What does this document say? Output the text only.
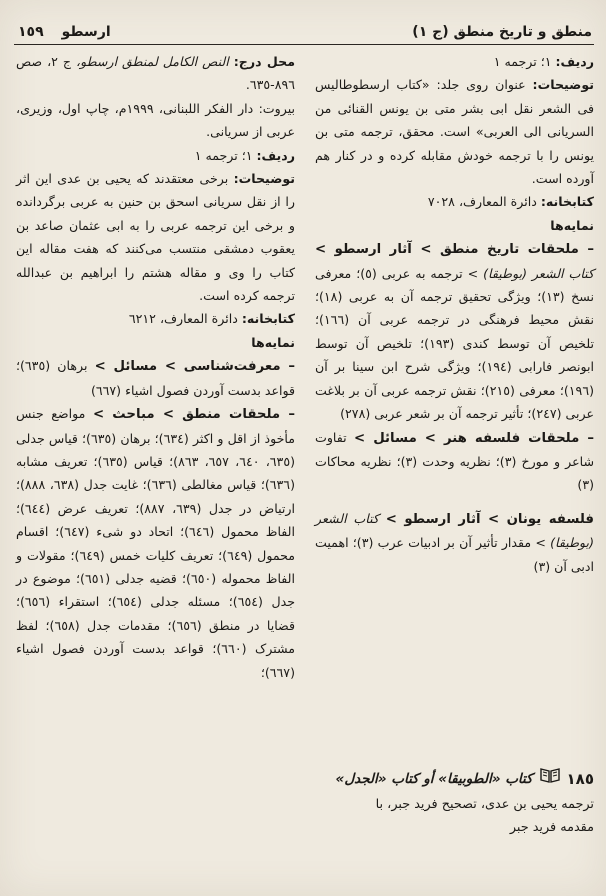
منطق و تاريخ منطق (ج ١)
ارسطو
١٥٩

ردیف: ١؛ ترجمه ١

توضیحات: عنوان روی جلد: «کتاب ارسطوطالیس فی الشعر نقل ابی بشر متی بن یونس القنائی من السریانی الی العربی» است. محقق، ترجمه متی بن یونس را با ترجمه خودش مقابله کرده و در کنار هم آورده است.

کتابخانه: دائرة المعارف، ٧٠٢٨

نمایه‌ها

– ملحقات تاریخ منطق > آثار ارسطو > کتاب الشعر (بوطیقا) > ترجمه به عربی (٥)؛ معرفی نسخ (١٣)؛ ویژگی تحقیق ترجمه آن به عربی (١٨)؛ نقش محیط فرهنگی در ترجمه عربی آن (١٦٦)؛ تلخیص آن توسط کندی (١٩٣)؛ تلخیص آن توسط ابونصر فارابی (١٩٤)؛ ویژگی شرح ابن سینا بر آن (١٩٦)؛ معرفی (٢١٥)؛ نقش ترجمه عربی آن بر بلاغت عربی (٢٤٧)؛ تأثیر ترجمه آن بر شعر عربی (٢٧٨)

– ملحقات فلسفه هنر > مسائل > تفاوت شاعر و مورخ (٣)؛ نظریه وحدت (٣)؛ نظریه محاکات (٣)

فلسفه یونان > آثار ارسطو > کتاب الشعر (بوطیقا) > مقدار تأثیر آن بر ادبیات عرب (٣)؛ اهمیت ادبی آن (٣)

محل درج: النص الکامل لمنطق ارسطو، ج ٢، صص ٨٩٦-٦٣٥.

بیروت: دار الفکر اللبنانی، ١٩٩٩م، چاپ اول، وزیری، عربی از سریانی.

ردیف: ١؛ ترجمه ١

توضیحات: برخی معتقدند که یحیی بن عدی این اثر را از نقل سریانی اسحق بن حنین به عربی برگردانده و برخی این ترجمه عربی را به ابی عثمان صاعد بن یعقوب دمشقی منتسب می‌کنند که هفت مقاله این کتاب را وی و مقاله هشتم را ابراهیم بن عبدالله ترجمه کرده است.

کتابخانه: دائرة المعارف، ٦٢١٢

نمایه‌ها

– معرفت‌شناسی > مسائل > برهان (٦٣٥)؛ قواعد بدست آوردن فصول اشیاء (٦٦٧)

– ملحقات منطق > مباحث > مواضع جنس مأخوذ از اقل و اکثر (٦٣٤)؛ برهان (٦٣٥)؛ قیاس جدلی (٦٣٥، ٦٤٠، ٦٥٧، ٨٦٣)؛ قیاس (٦٣٥)؛ تعریف مشابه (٦٣٦)؛ قیاس مغالطی (٦٣٦)؛ غایت جدل (٦٣٨، ٨٨٨)؛ ارتیاض در جدل (٦٣٩، ٨٨٧)؛ تعریف عرض (٦٤٤)؛ الفاظ محمول (٦٤٦)؛ اتحاد دو شیء (٦٤٧)؛ اقسام محمول (٦٤٩)؛ تعریف کلیات خمس (٦٤٩)؛ مقولات و الفاظ محموله (٦٥٠)؛ قضیه جدلی (٦٥١)؛ موضوع در جدل (٦٥٤)؛ مسئله جدلی (٦٥٤)؛ استقراء (٦٥٦)؛ قضایا در منطق (٦٥٦)؛ مقدمات جدل (٦٥٨)؛ لفظ مشترک (٦٦٠)؛ قواعد بدست آوردن فصول اشیاء (٦٦٧)؛

١٨٥
کتاب «الطوبیقا» أو کتاب «الجدل»

ترجمه یحیی بن عدی، تصحیح فرید جبر، با

مقدمه فرید جبر
